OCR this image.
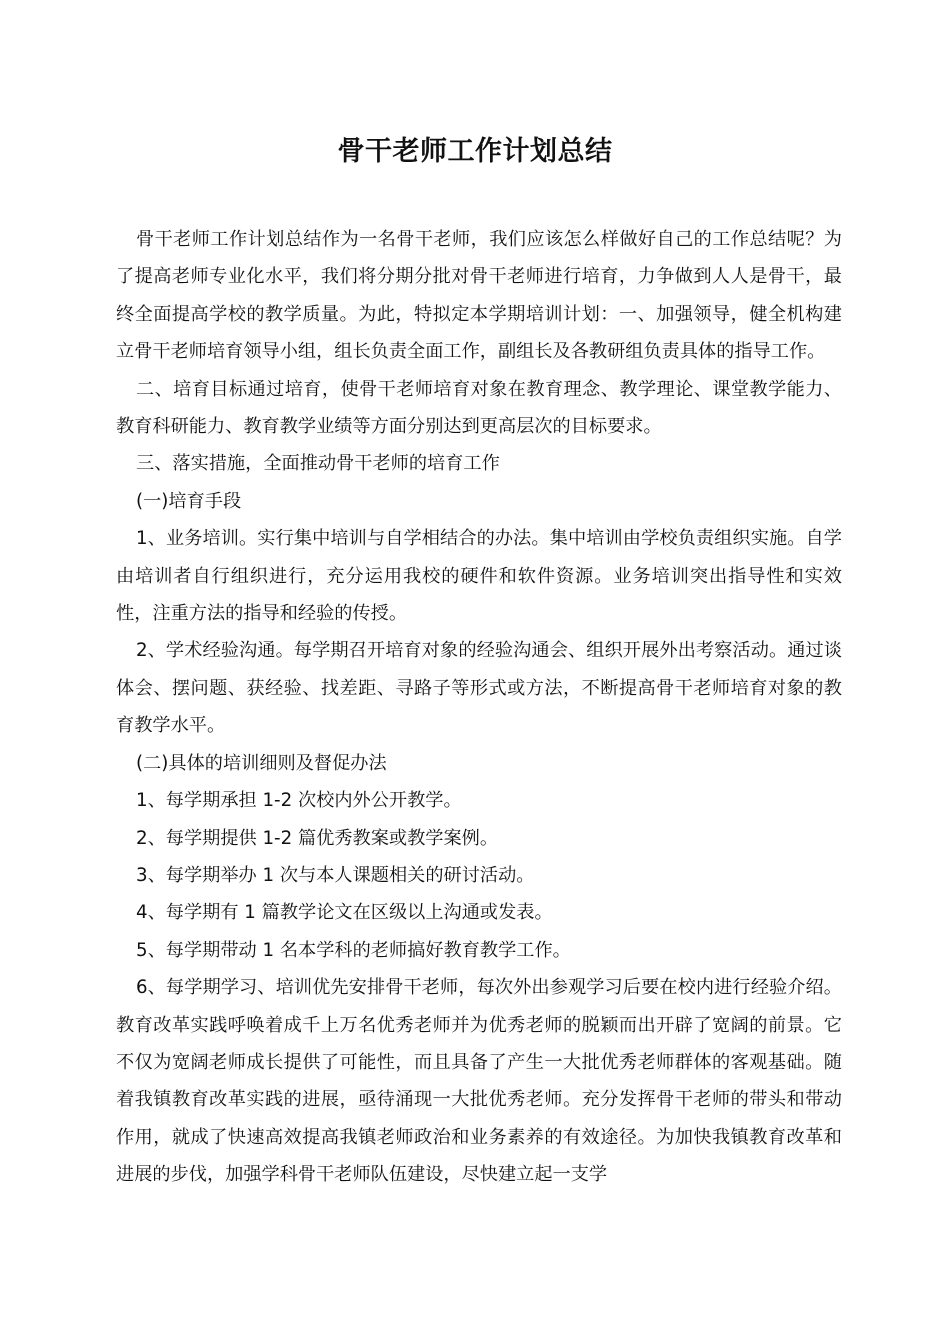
骨干老师工作计划总结

骨干老师工作计划总结作为一名骨干老师，我们应该怎么样做好自己的工作总结呢？为了提高老师专业化水平，我们将分期分批对骨干老师进行培育，力争做到人人是骨干，最终全面提高学校的教学质量。为此，特拟定本学期培训计划：一、加强领导，健全机构建立骨干老师培育领导小组，组长负责全面工作，副组长及各教研组负责具体的指导工作。

二、培育目标通过培育，使骨干老师培育对象在教育理念、教学理论、课堂教学能力、教育科研能力、教育教学业绩等方面分别达到更高层次的目标要求。

三、落实措施，全面推动骨干老师的培育工作

(一)培育手段

1、业务培训。实行集中培训与自学相结合的办法。集中培训由学校负责组织实施。自学由培训者自行组织进行，充分运用我校的硬件和软件资源。业务培训突出指导性和实效性，注重方法的指导和经验的传授。

2、学术经验沟通。每学期召开培育对象的经验沟通会、组织开展外出考察活动。通过谈体会、摆问题、获经验、找差距、寻路子等形式或方法，不断提高骨干老师培育对象的教育教学水平。

(二)具体的培训细则及督促办法

1、每学期承担 1-2 次校内外公开教学。

2、每学期提供 1-2 篇优秀教案或教学案例。

3、每学期举办 1 次与本人课题相关的研讨活动。

4、每学期有 1 篇教学论文在区级以上沟通或发表。

5、每学期带动 1 名本学科的老师搞好教育教学工作。

6、每学期学习、培训优先安排骨干老师，每次外出参观学习后要在校内进行经验介绍。教育改革实践呼唤着成千上万名优秀老师并为优秀老师的脱颖而出开辟了宽阔的前景。它不仅为宽阔老师成长提供了可能性，而且具备了产生一大批优秀老师群体的客观基础。随着我镇教育改革实践的进展，亟待涌现一大批优秀老师。充分发挥骨干老师的带头和带动作用，就成了快速高效提高我镇老师政治和业务素养的有效途径。为加快我镇教育改革和进展的步伐，加强学科骨干老师队伍建设，尽快建立起一支学
